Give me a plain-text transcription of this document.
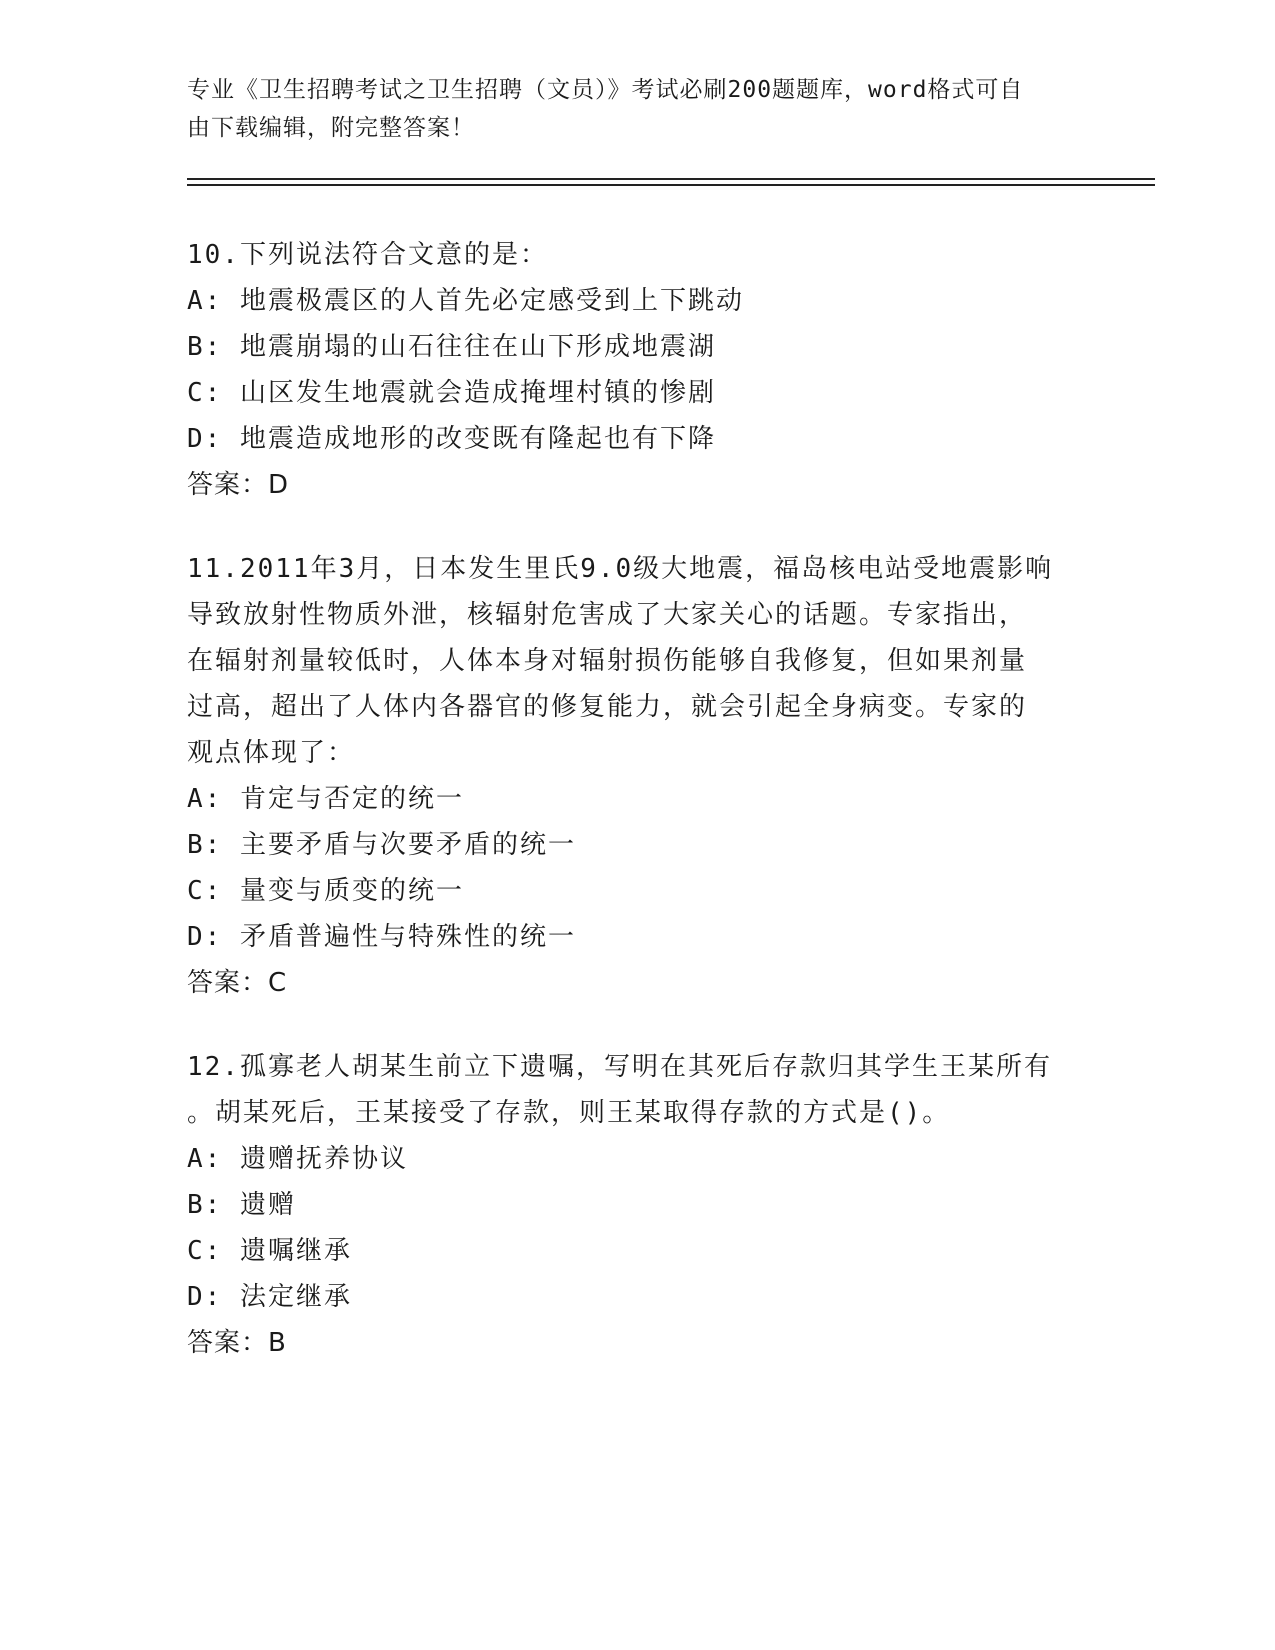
专业《卫生招聘考试之卫生招聘（文员）》考试必刷200题题库，word格式可自
由下载编辑，附完整答案！
10.下列说法符合文意的是：
A: 地震极震区的人首先必定感受到上下跳动
B: 地震崩塌的山石往往在山下形成地震湖
C: 山区发生地震就会造成掩埋村镇的惨剧
D: 地震造成地形的改变既有隆起也有下降
答案：D
11.2011年3月，日本发生里氏9.0级大地震，福岛核电站受地震影响
导致放射性物质外泄，核辐射危害成了大家关心的话题。专家指出，
在辐射剂量较低时，人体本身对辐射损伤能够自我修复，但如果剂量
过高，超出了人体内各器官的修复能力，就会引起全身病变。专家的
观点体现了：
A: 肯定与否定的统一
B: 主要矛盾与次要矛盾的统一
C: 量变与质变的统一
D: 矛盾普遍性与特殊性的统一
答案：C
12.孤寡老人胡某生前立下遗嘱，写明在其死后存款归其学生王某所有
。胡某死后，王某接受了存款，则王某取得存款的方式是()。
A: 遗赠抚养协议
B: 遗赠
C: 遗嘱继承
D: 法定继承
答案：B
